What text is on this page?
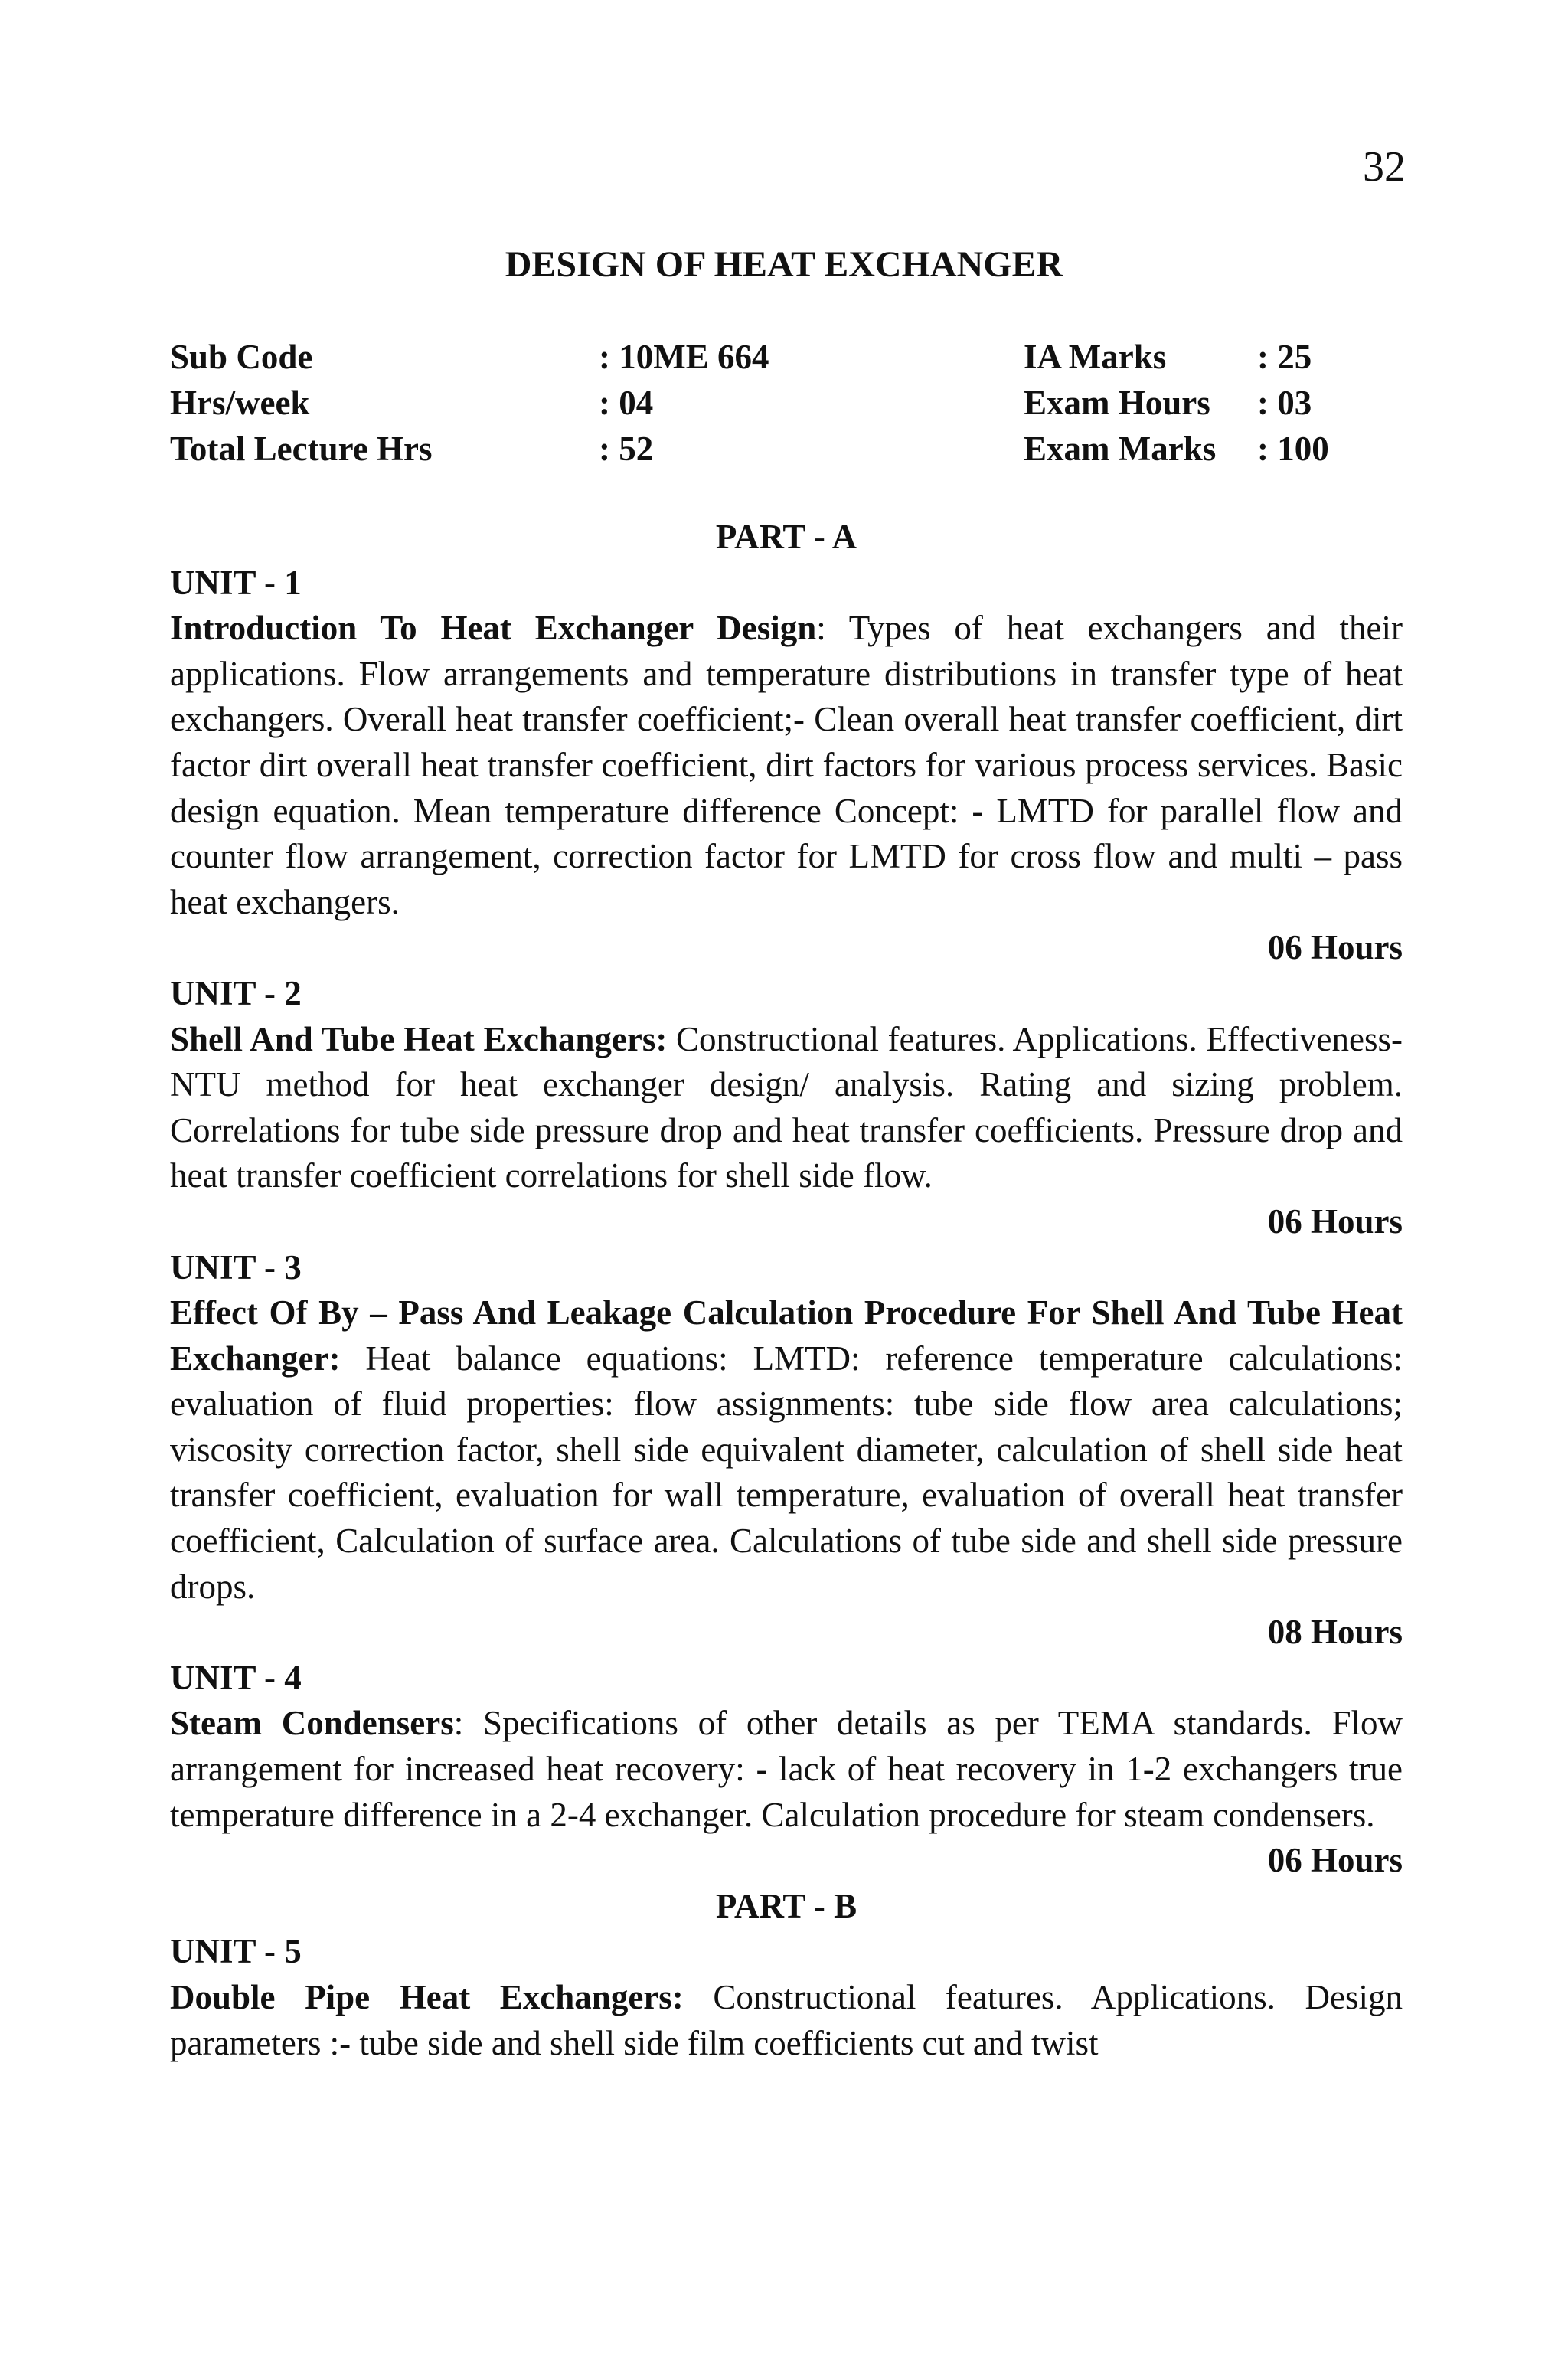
32
DESIGN OF HEAT EXCHANGER
Sub Code	: 10ME 664	IA Marks	: 25
Hrs/week	: 04	Exam Hours : 03
Total Lecture Hrs	: 52	Exam Marks : 100
PART - A
UNIT - 1
Introduction To Heat Exchanger Design: Types of heat exchangers and their applications. Flow arrangements and temperature distributions in transfer type of heat exchangers. Overall heat transfer coefficient;- Clean overall heat transfer coefficient, dirt factor dirt overall heat transfer coefficient, dirt factors for various process services. Basic design equation. Mean temperature difference Concept: - LMTD for parallel flow and counter flow arrangement, correction factor for LMTD for cross flow and multi – pass heat exchangers.
06 Hours
UNIT - 2
Shell And Tube Heat Exchangers: Constructional features. Applications. Effectiveness-NTU method for heat exchanger design/ analysis. Rating and sizing problem. Correlations for tube side pressure drop and heat transfer coefficients. Pressure drop and heat transfer coefficient correlations for shell side flow.
06 Hours
UNIT - 3
Effect Of By – Pass And Leakage Calculation Procedure For Shell And Tube Heat Exchanger: Heat balance equations: LMTD: reference temperature calculations: evaluation of fluid properties: flow assignments: tube side flow area calculations; viscosity correction factor, shell side equivalent diameter, calculation of shell side heat transfer coefficient, evaluation for wall temperature, evaluation of overall heat transfer coefficient, Calculation of surface area. Calculations of tube side and shell side pressure drops.
08 Hours
UNIT - 4
Steam Condensers: Specifications of other details as per TEMA standards. Flow arrangement for increased heat recovery: - lack of heat recovery in 1-2 exchangers true temperature difference in a 2-4 exchanger. Calculation procedure for steam condensers.
06 Hours
PART - B
UNIT - 5
Double Pipe Heat Exchangers: Constructional features. Applications. Design parameters :- tube side and shell side film coefficients cut and twist
